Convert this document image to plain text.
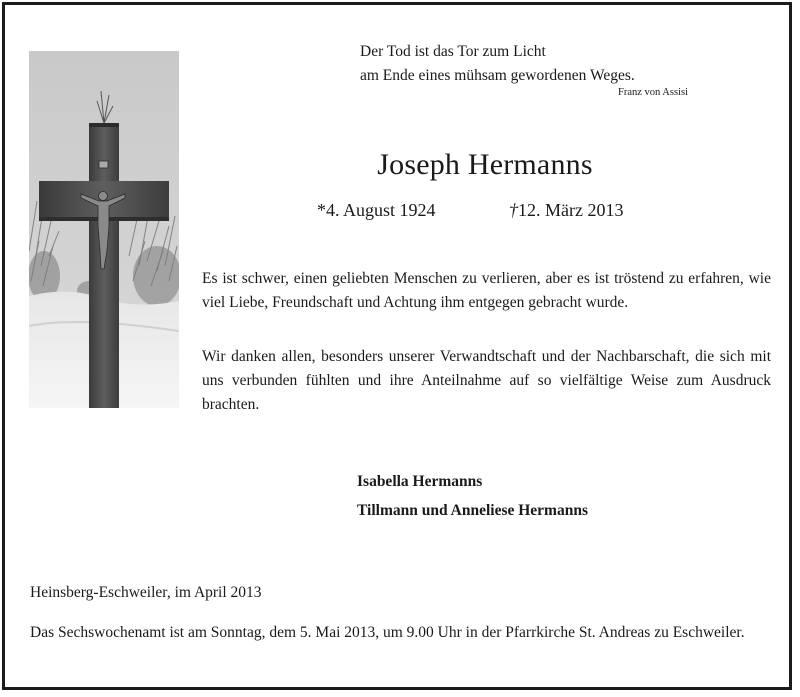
Der Tod ist das Tor zum Licht
am Ende eines mühsam gewordenen Weges.
Franz von Assisi
Joseph Hermanns
*4. August 1924	†12. März 2013
Es ist schwer, einen geliebten Menschen zu verlieren, aber es ist tröstend zu erfahren, wie viel Liebe, Freundschaft und Achtung ihm entgegen gebracht wurde.
Wir danken allen, besonders unserer Verwandtschaft und der Nachbarschaft, die sich mit uns verbunden fühlten und ihre Anteilnahme auf so vielfältige Weise zum Ausdruck brachten.
Isabella Hermanns
Tillmann und Anneliese Hermanns
Heinsberg-Eschweiler, im April 2013
Das Sechswochenamt ist am Sonntag, dem 5. Mai 2013, um 9.00 Uhr in der Pfarrkirche St. Andreas zu Eschweiler.
